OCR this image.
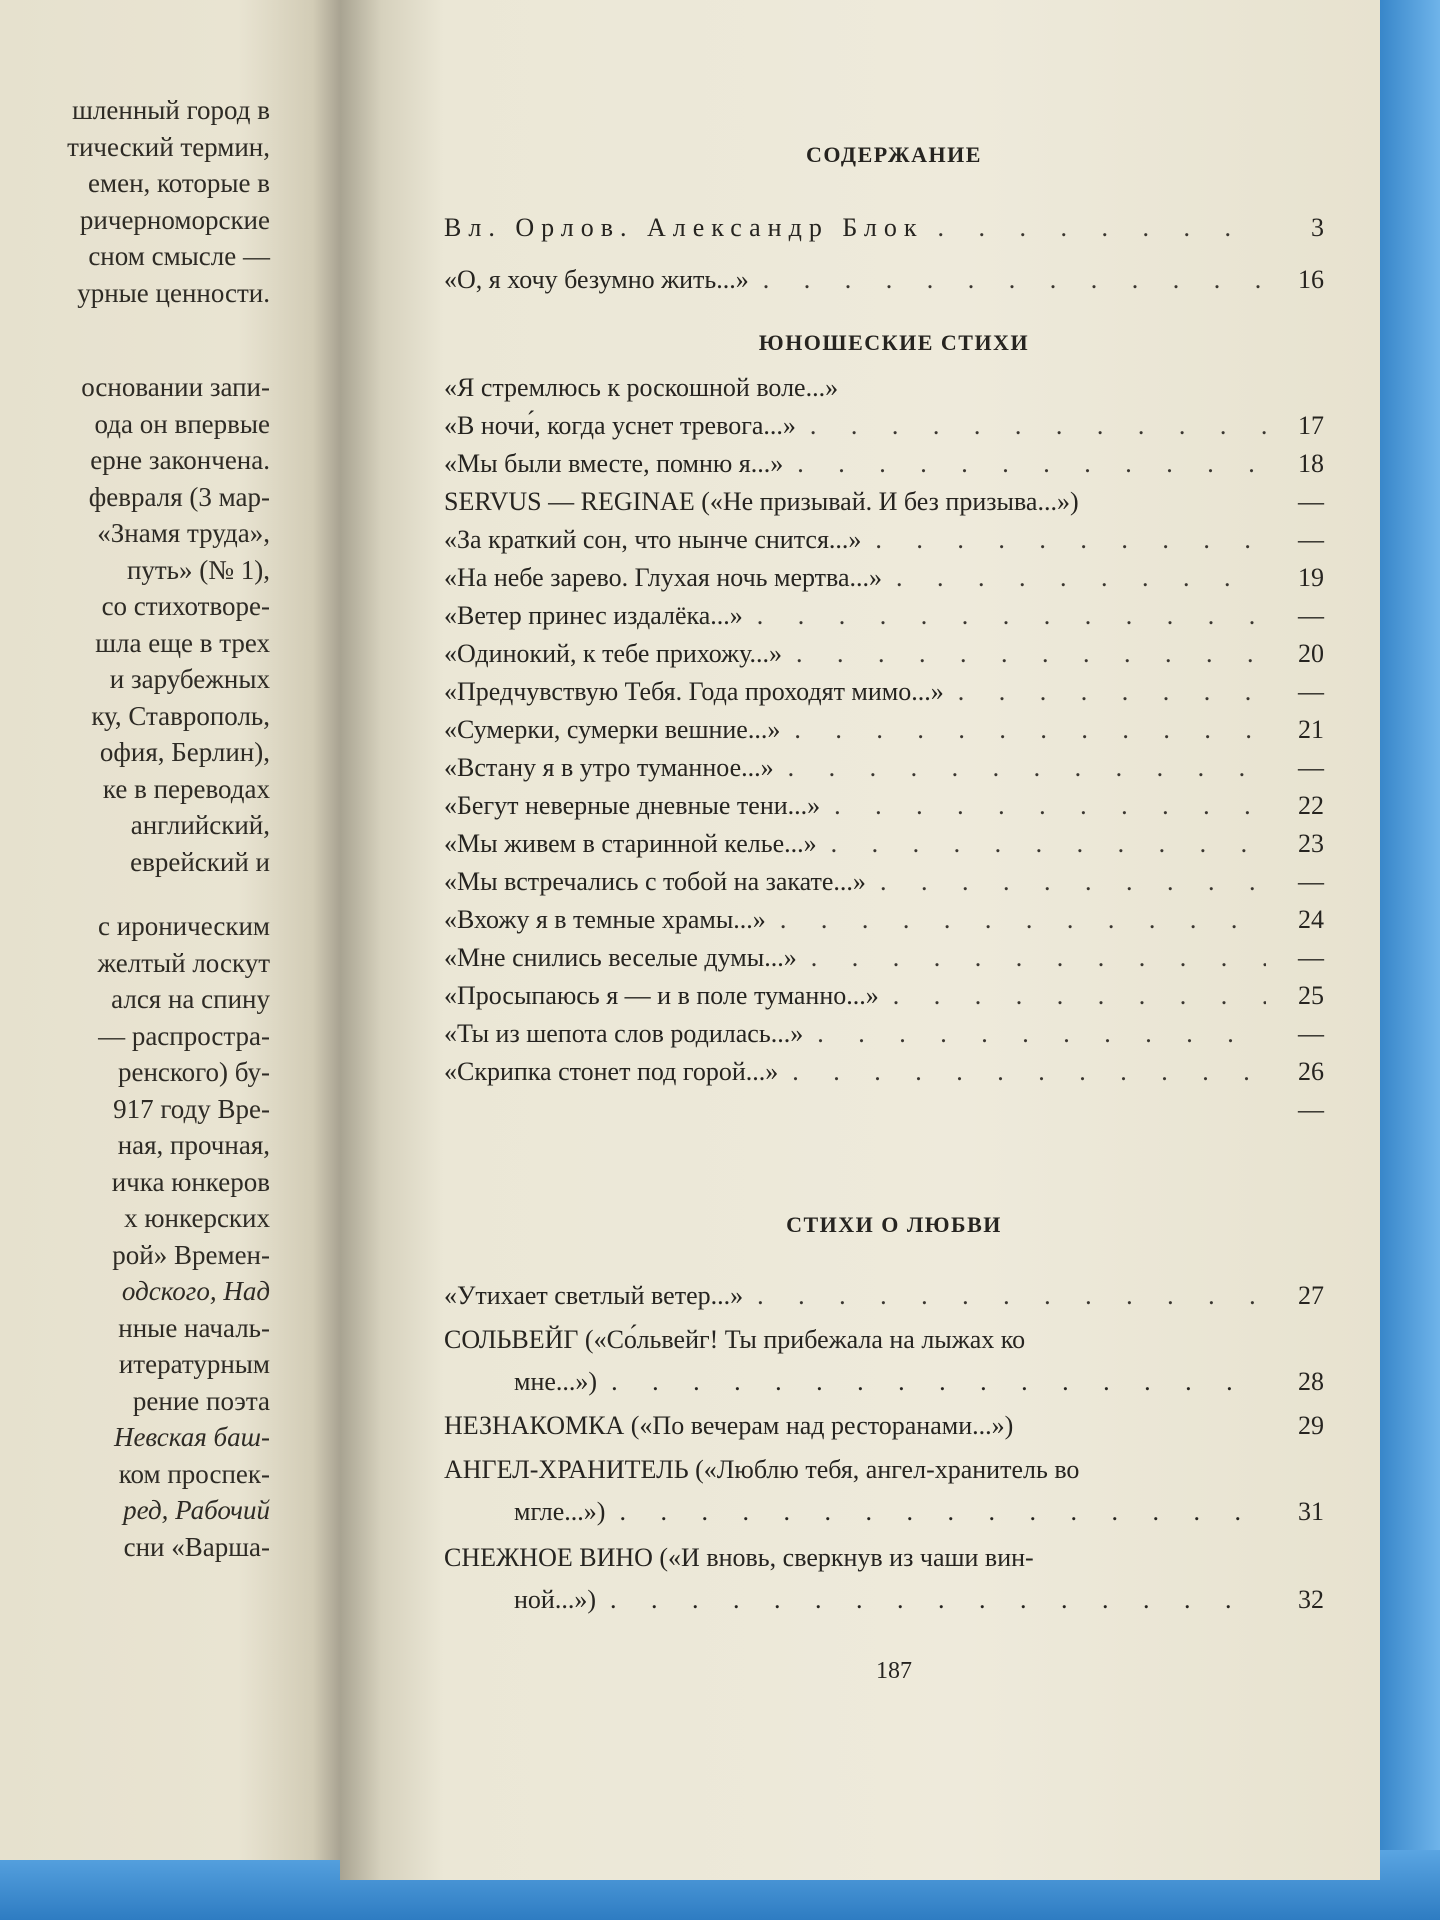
шленный город в
тический термин,
емен, которые в
ричерноморские
сном смысле —
урные ценности.
основании запи-
ода он впервые
ерне закончена.
февраля (3 мар-
«Знамя труда»,
путь» (№ 1),
со стихотворе-
шла еще в трех
и зарубежных
ку, Ставрополь,
офия, Берлин),
ке в переводах
английский,
еврейский и
с ироническим
желтый лоскут
ался на спину
— распростра-
ренского) бу-
917 году Вре-
ная, прочная,
ичка юнкеров
х юнкерских
рой» Времен-
одского, Над
нные началь-
итературным
рение поэта
Невская баш-
ком проспек-
ред, Рабочий
сни «Варша-
СОДЕРЖАНИЕ
Вл. Орлов. Александр Блок . . .	3
«О, я хочу безумно жить...» . . .	16
ЮНОШЕСКИЕ СТИХИ
«Я стремлюсь к роскошной воле...»
«В ночи́, когда уснет тревога...» . . .	17
«Мы были вместе, помню я...» . . .	18
SERVUS — REGINAE («Не призывай. И без призыва...»)	—
«За краткий сон, что нынче снится...» . . .	—
«На небе зарево. Глухая ночь мертва...» . . .	19
«Ветер принес издалёка...» . . .	—
«Одинокий, к тебе прихожу...» . . .	20
«Предчувствую Тебя. Года проходят мимо...» . . .	—
«Сумерки, сумерки вешние...» . . .	21
«Встану я в утро туманное...» . . .	—
«Бегут неверные дневные тени...» . . .	22
«Мы живем в старинной келье...» . . .	23
«Мы встречались с тобой на закате...» . . .	—
«Вхожу я в темные храмы...» . . .	24
«Мне снились веселые думы...» . . .	—
«Просыпаюсь я — и в поле туманно...» . . .	25
«Ты из шепота слов родилась...» . . .	—
«Скрипка стонет под горой...» . . .	26
—
СТИХИ О ЛЮБВИ
«Утихает светлый ветер...» . . .	27
СОЛЬВЕЙГ («Со́львейг! Ты прибежала на лыжах ко
мне...») . . .	28
НЕЗНАКОМКА («По вечерам над ресторанами...»)	29
АНГЕЛ-ХРАНИТЕЛЬ («Люблю тебя, ангел-хранитель во
мгле...») . . .	31
СНЕЖНОЕ ВИНО («И вновь, сверкнув из чаши вин-
ной...») . . .	32
187
